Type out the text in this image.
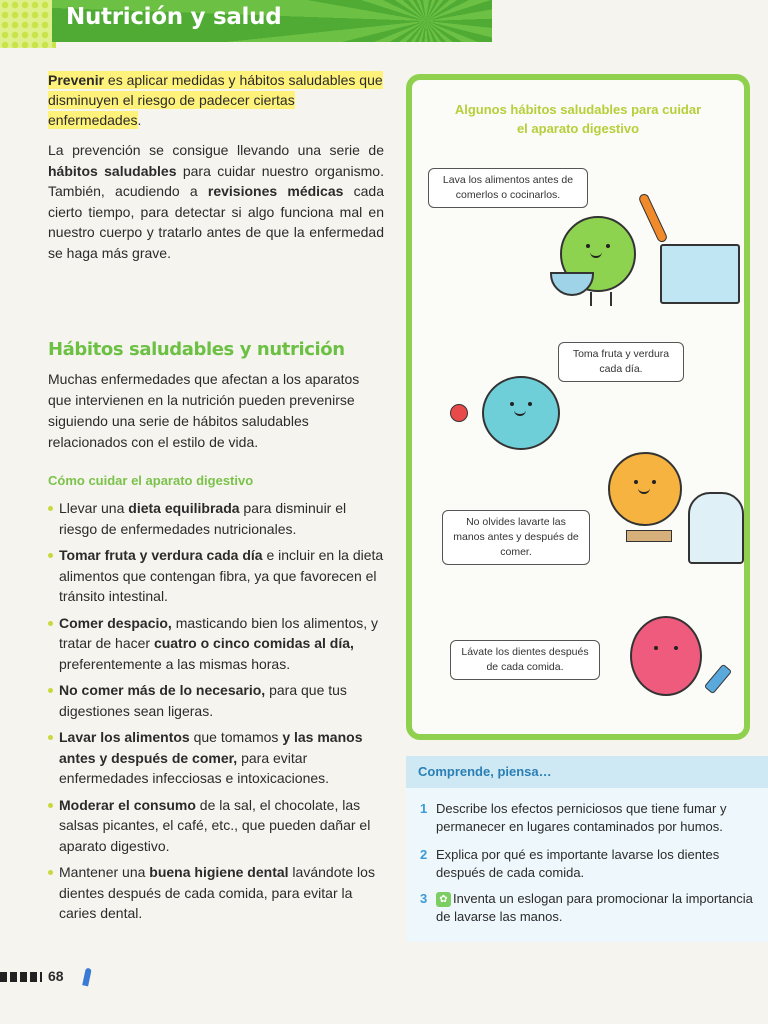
Nutrición y salud

Prevenir es aplicar medidas y hábitos saludables que disminuyen el riesgo de padecer ciertas enfermedades.

La prevención se consigue llevando una serie de hábitos saludables para cuidar nuestro organismo. También, acudiendo a revisiones médicas cada cierto tiempo, para detectar si algo funciona mal en nuestro cuerpo y tratarlo antes de que la enfermedad se haga más grave.

Hábitos saludables y nutrición

Muchas enfermedades que afectan a los aparatos que intervienen en la nutrición pueden prevenirse siguiendo una serie de hábitos saludables relacionados con el estilo de vida.

Cómo cuidar el aparato digestivo
Llevar una dieta equilibrada para disminuir el riesgo de enfermedades nutricionales.
Tomar fruta y verdura cada día e incluir en la dieta alimentos que contengan fibra, ya que favorecen el tránsito intestinal.
Comer despacio, masticando bien los alimentos, y tratar de hacer cuatro o cinco comidas al día, preferentemente a las mismas horas.
No comer más de lo necesario, para que tus digestiones sean ligeras.
Lavar los alimentos que tomamos y las manos antes y después de comer, para evitar enfermedades infecciosas e intoxicaciones.
Moderar el consumo de la sal, el chocolate, las salsas picantes, el café, etc., que pueden dañar el aparato digestivo.
Mantener una buena higiene dental lavándote los dientes después de cada comida, para evitar la caries dental.
Algunos hábitos saludables para cuidar
el aparato digestivo
Lava los alimentos antes de comerlos o cocinarlos.
Toma fruta y verdura cada día.
No olvides lavarte las manos antes y después de comer.
Lávate los dientes después de cada comida.
Comprende, piensa…
1 Describe los efectos perniciosos que tiene fumar y permanecer en lugares contaminados por humos.
2 Explica por qué es importante lavarse los dientes después de cada comida.
3	✿ Inventa un eslogan para promocionar la importancia de lavarse las manos.
68
